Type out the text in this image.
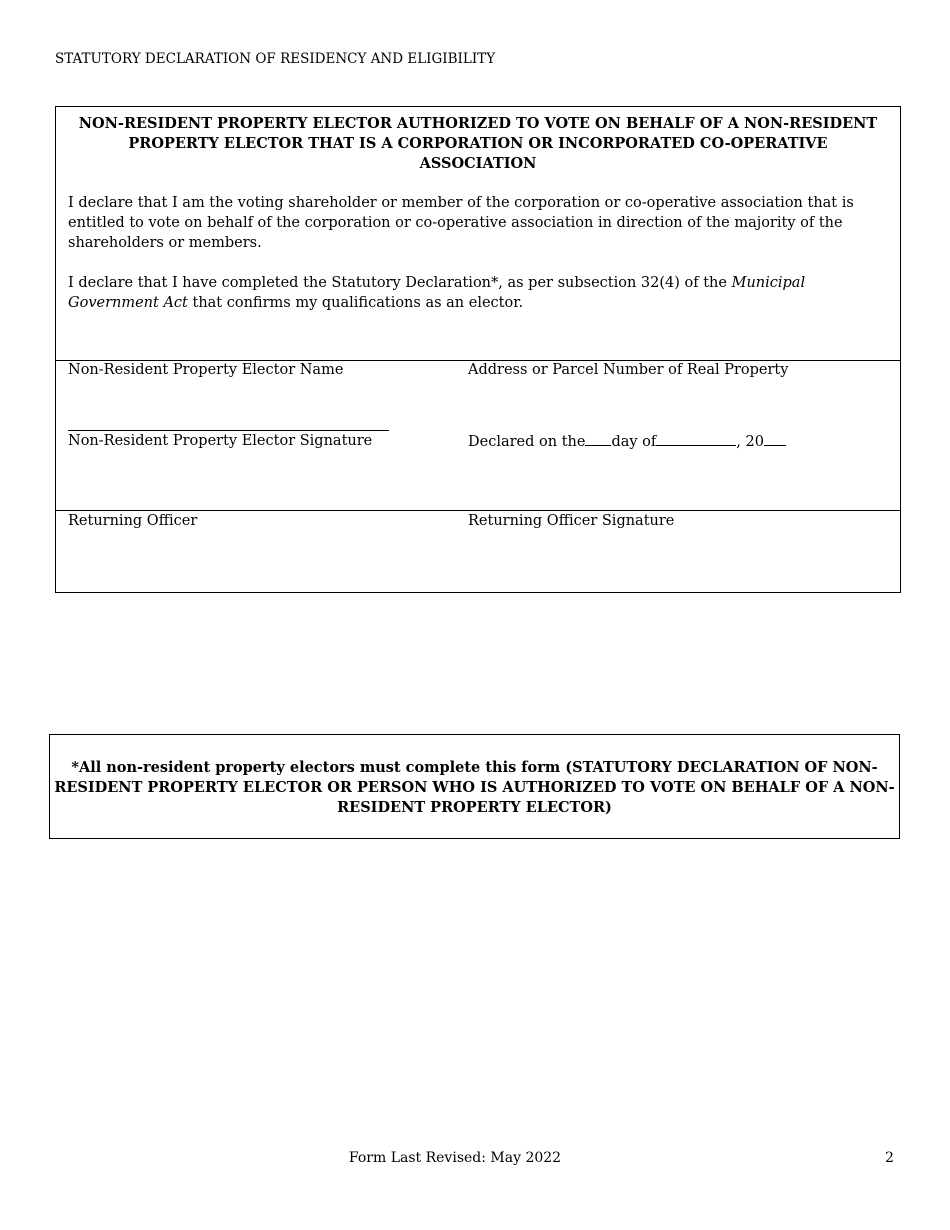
STATUTORY DECLARATION OF RESIDENCY AND ELIGIBILITY
NON-RESIDENT PROPERTY ELECTOR AUTHORIZED TO VOTE ON BEHALF OF A NON-RESIDENT
PROPERTY ELECTOR THAT IS A CORPORATION OR INCORPORATED CO-OPERATIVE
ASSOCIATION
I declare that I am the voting shareholder or member of the corporation or co-operative association that is entitled to vote on behalf of the corporation or co-operative association in direction of the majority of the shareholders or members.
I declare that I have completed the Statutory Declaration*, as per subsection 32(4) of the Municipal Government Act that confirms my qualifications as an elector.
Non-Resident Property Elector Name	Address or Parcel Number of Real Property
Non-Resident Property Elector Signature	Declared on the day of	, 20
Returning Officer	Returning Officer Signature
*All non-resident property electors must complete this form (STATUTORY DECLARATION OF NON-
RESIDENT PROPERTY ELECTOR OR PERSON WHO IS AUTHORIZED TO VOTE ON BEHALF OF A NON-
RESIDENT PROPERTY ELECTOR)
Form Last Revised: May 2022	2
